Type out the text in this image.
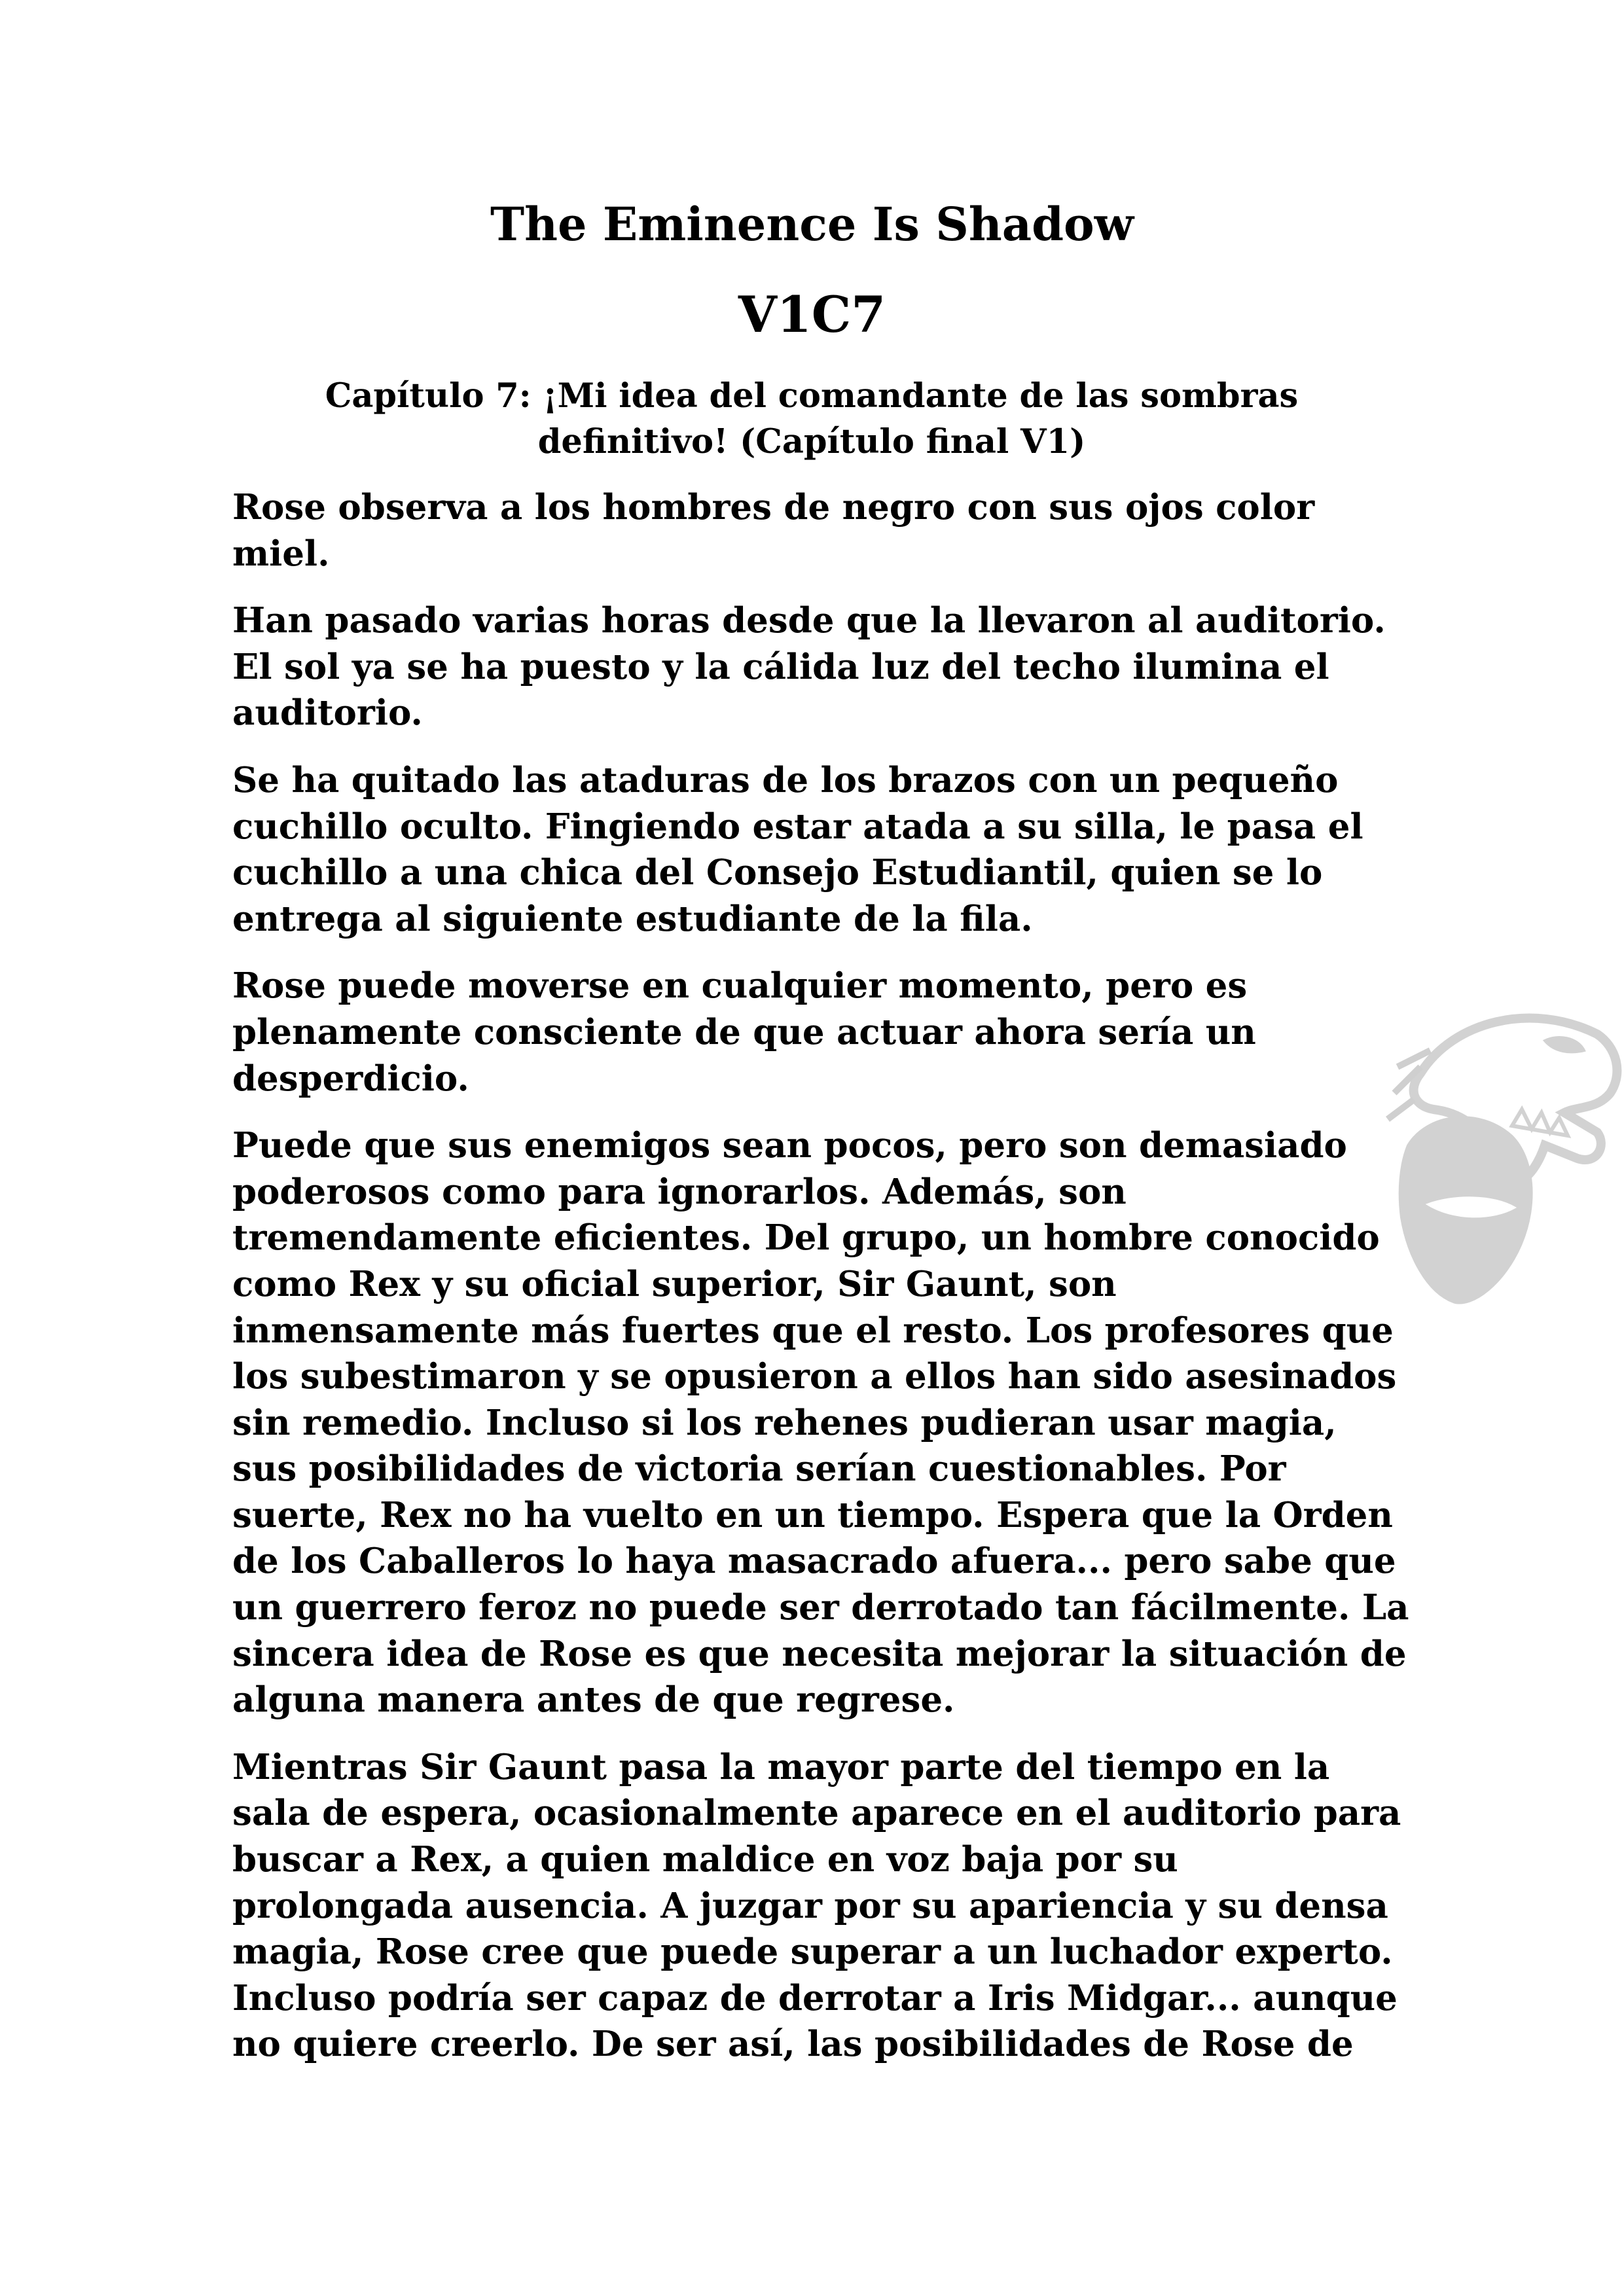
The Eminence Is Shadow
V1C7
Capítulo 7: ¡Mi idea del comandante de las sombras definitivo! (Capítulo final V1)

Rose observa a los hombres de negro con sus ojos color miel.

Han pasado varias horas desde que la llevaron al auditorio. El sol ya se ha puesto y la cálida luz del techo ilumina el auditorio.

Se ha quitado las ataduras de los brazos con un pequeño cuchillo oculto. Fingiendo estar atada a su silla, le pasa el cuchillo a una chica del Consejo Estudiantil, quien se lo entrega al siguiente estudiante de la fila.

Rose puede moverse en cualquier momento, pero es plenamente consciente de que actuar ahora sería un desperdicio.

Puede que sus enemigos sean pocos, pero son demasiado poderosos como para ignorarlos. Además, son tremendamente eficientes. Del grupo, un hombre conocido como Rex y su oficial superior, Sir Gaunt, son inmensamente más fuertes que el resto. Los profesores que los subestimaron y se opusieron a ellos han sido asesinados sin remedio. Incluso si los rehenes pudieran usar magia, sus posibilidades de victoria serían cuestionables. Por suerte, Rex no ha vuelto en un tiempo. Espera que la Orden de los Caballeros lo haya masacrado afuera... pero sabe que un guerrero feroz no puede ser derrotado tan fácilmente. La sincera idea de Rose es que necesita mejorar la situación de alguna manera antes de que regrese.

Mientras Sir Gaunt pasa la mayor parte del tiempo en la sala de espera, ocasionalmente aparece en el auditorio para buscar a Rex, a quien maldice en voz baja por su prolongada ausencia. A juzgar por su apariencia y su densa magia, Rose cree que puede superar a un luchador experto. Incluso podría ser capaz de derrotar a Iris Midgar... aunque no quiere creerlo. De ser así, las posibilidades de Rose de
